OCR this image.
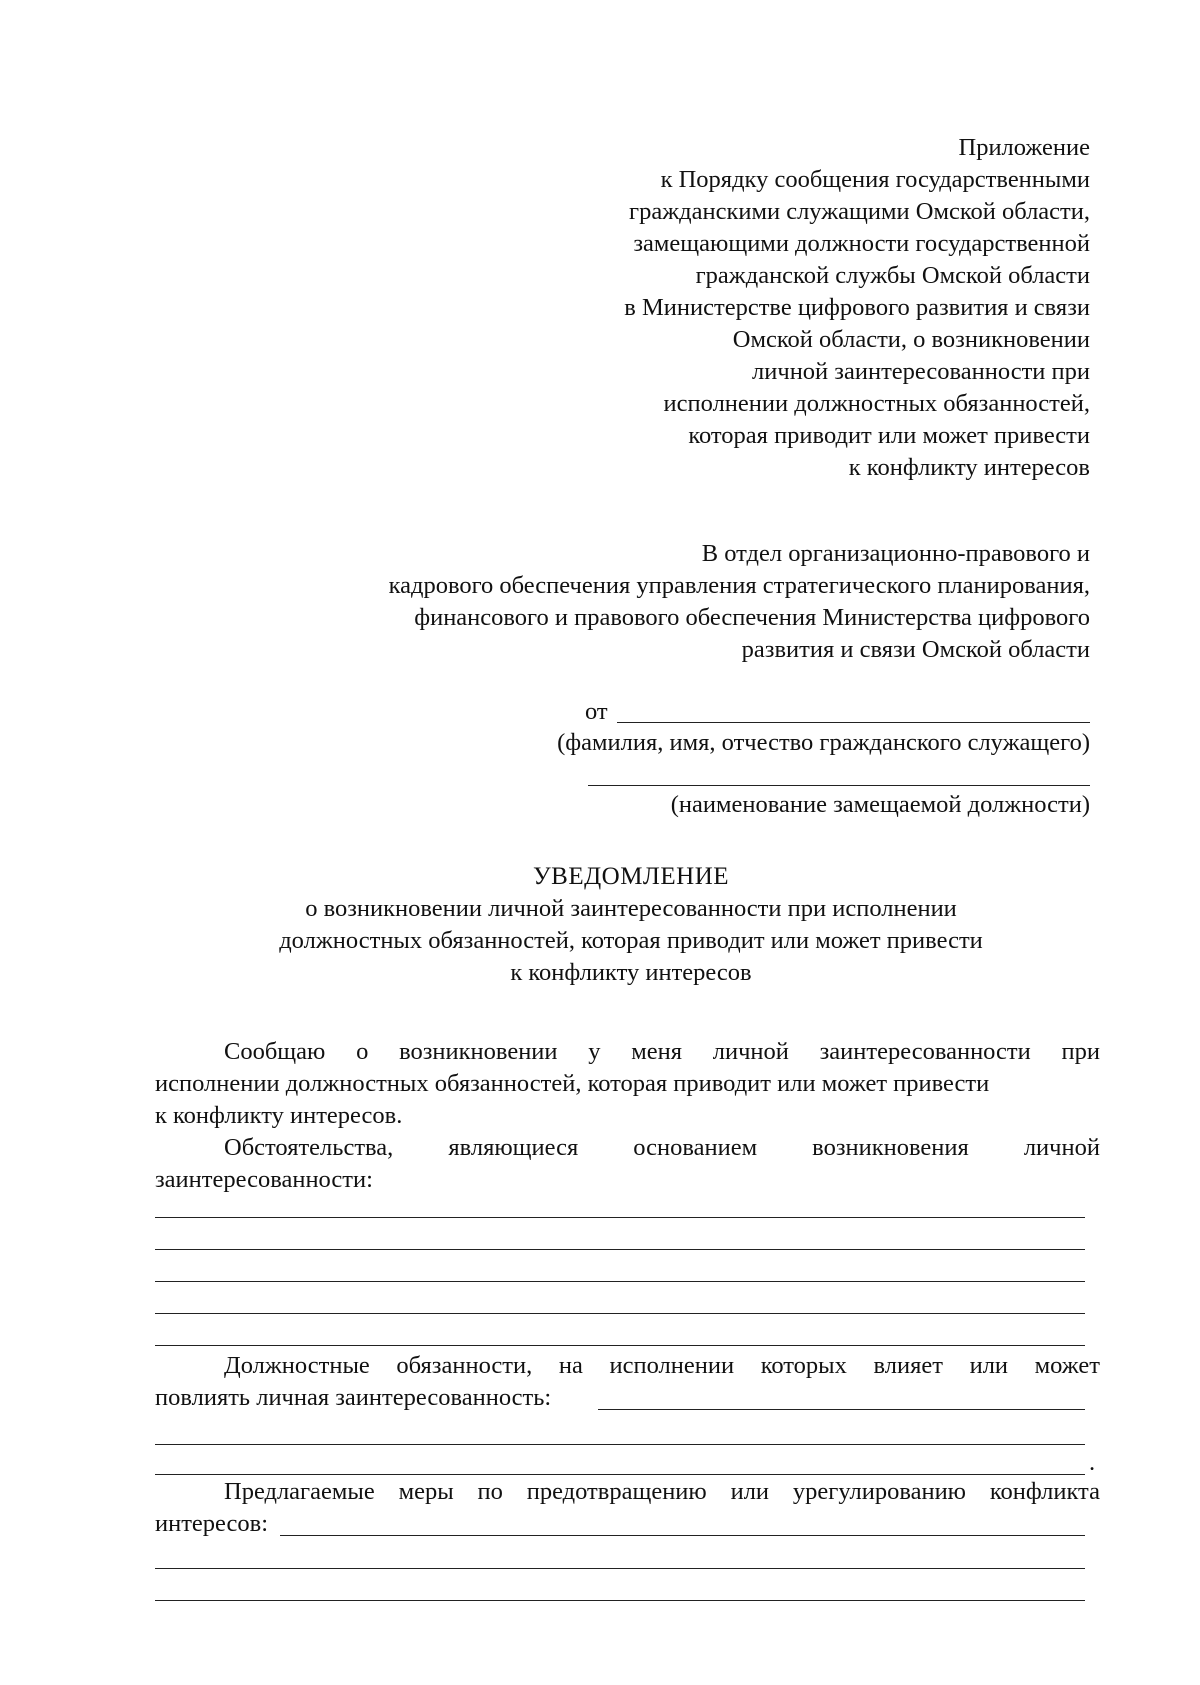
Приложение
к Порядку сообщения государственными
гражданскими служащими Омской области,
замещающими должности государственной
гражданской службы Омской области
в Министерстве цифрового развития и связи
Омской области, о возникновении
личной заинтересованности при
исполнении должностных обязанностей,
которая приводит или может привести
к конфликту интересов
В отдел организационно-правового и
кадрового обеспечения управления стратегического планирования,
финансового и правового обеспечения Министерства цифрового
развития и связи Омской области
от
(фамилия, имя, отчество гражданского служащего)
(наименование замещаемой должности)
УВЕДОМЛЕНИЕ
о возникновении личной заинтересованности при исполнении
должностных обязанностей, которая приводит или может привести
к конфликту интересов
Сообщаю о возникновении у меня личной заинтересованности при
исполнении должностных обязанностей, которая приводит или может привести
к конфликту интересов.
Обстоятельства, являющиеся основанием возникновения личной
заинтересованности:
Должностные обязанности, на исполнении которых влияет или может
повлиять личная заинтересованность:
.
Предлагаемые меры по предотвращению или урегулированию конфликта
интересов:
